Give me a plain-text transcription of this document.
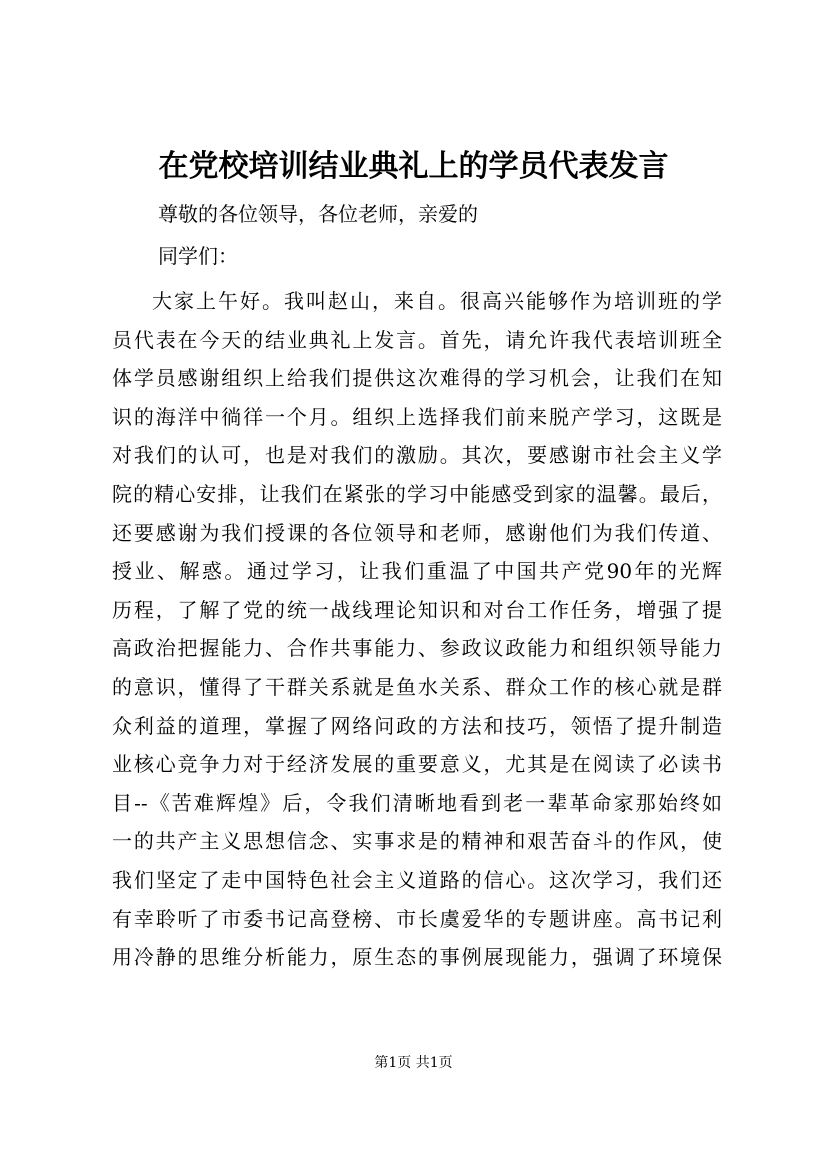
在党校培训结业典礼上的学员代表发言
尊敬的各位领导，各位老师，亲爱的
同学们：
大家上午好。我叫赵山，来自。很高兴能够作为培训班的学
员代表在今天的结业典礼上发言。首先，请允许我代表培训班全
体学员感谢组织上给我们提供这次难得的学习机会，让我们在知
识的海洋中徜徉一个月。组织上选择我们前来脱产学习，这既是
对我们的认可，也是对我们的激励。其次，要感谢市社会主义学
院的精心安排，让我们在紧张的学习中能感受到家的温馨。最后，
还要感谢为我们授课的各位领导和老师，感谢他们为我们传道、
授业、解惑。通过学习，让我们重温了中国共产党90年的光辉
历程，了解了党的统一战线理论知识和对台工作任务，增强了提
高政治把握能力、合作共事能力、参政议政能力和组织领导能力
的意识，懂得了干群关系就是鱼水关系、群众工作的核心就是群
众利益的道理，掌握了网络问政的方法和技巧，领悟了提升制造
业核心竞争力对于经济发展的重要意义，尤其是在阅读了必读书
目--《苦难辉煌》后，令我们清晰地看到老一辈革命家那始终如
一的共产主义思想信念、实事求是的精神和艰苦奋斗的作风，使
我们坚定了走中国特色社会主义道路的信心。这次学习，我们还
有幸聆听了市委书记高登榜、市长虞爱华的专题讲座。高书记利
用冷静的思维分析能力，原生态的事例展现能力，强调了环境保
第1页 共1页
